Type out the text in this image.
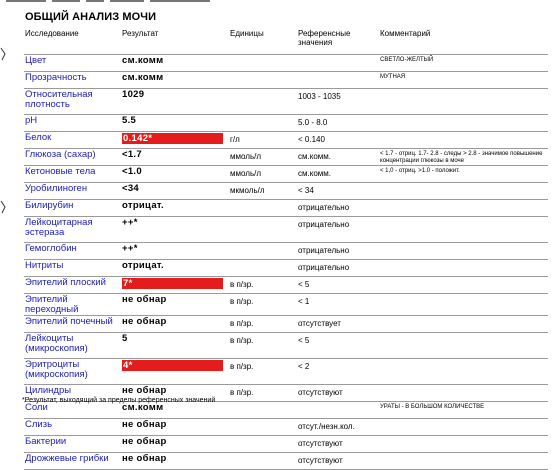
ОБЩИЙ АНАЛИЗ МОЧИ
Исследование	Результат	Единицы	Референсные значения	Комментарий
Цвет	см.комм			СВЕТЛО-ЖЕЛТЫЙ
Прозрачность	см.комм			МУТНАЯ
Относительная плотность	1029		1003 - 1035	
pH	5.5		5.0 - 8.0	
Белок	0.142*	г/л	< 0.140	
Глюкоза (сахар)	<1.7	ммоль/л	см.комм.	< 1.7 - отриц. 1.7- 2.8 - следы > 2.8 - значимое повышение концентрации глюкозы в моче
Кетоновые тела	<1.0	ммоль/л	см.комм.	< 1,0 - отриц. >1.0 - положит.
Уробилиноген	<34	мкмоль/л	< 34	
Билирубин	отрицат.		отрицательно	
Лейкоцитарная эстераза	++*		отрицательно	
Гемоглобин	++*		отрицательно	
Нитриты	отрицат.		отрицательно	
Эпителий плоский	7*	в п/зр.	< 5	
Эпителий переходный	не обнар	в п/зр.	< 1	
Эпителий почечный	не обнар	в п/зр.	отсутствует	
Лейкоциты (микроскопия)	5	в п/зр.	< 5	
Эритроциты (микроскопия)	4*	в п/зр.	< 2	
Цилиндры	не обнар	в п/зр.	отсутствуют	
Соли	см.комм			УРАТЫ - В БОЛЬШОМ КОЛИЧЕСТВЕ
Слизь	не обнар		отсут./незн.кол.	
Бактерии	не обнар		отсутствуют	
Дрожжевые грибки	не обнар		отсутствуют	
*Результат, выходящий за пределы референсных значений
